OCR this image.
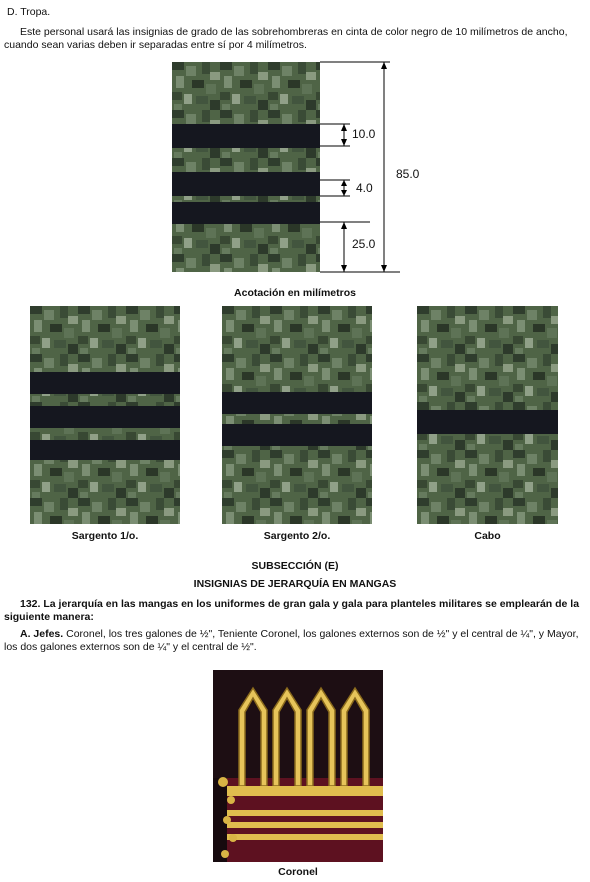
D. Tropa.
Este personal usará las insignias de grado de las sobrehombreras en cinta de color negro de 10 milímetros de ancho, cuando sean varias deben ir separadas entre sí por 4 milímetros.
10.0
4.0
25.0
85.0
Acotación en milímetros
Sargento 1/o.	Sargento 2/o.	Cabo
SUBSECCIÓN (E)
INSIGNIAS DE JERARQUÍA EN MANGAS
132. La jerarquía en las mangas en los uniformes de gran gala y gala para planteles militares se emplearán de la siguiente manera:
A. Jefes. Coronel, los tres galones de ½", Teniente Coronel, los galones externos son de ½" y el central de ¼", y Mayor, los dos galones externos son de ¼" y el central de ½".
Coronel
